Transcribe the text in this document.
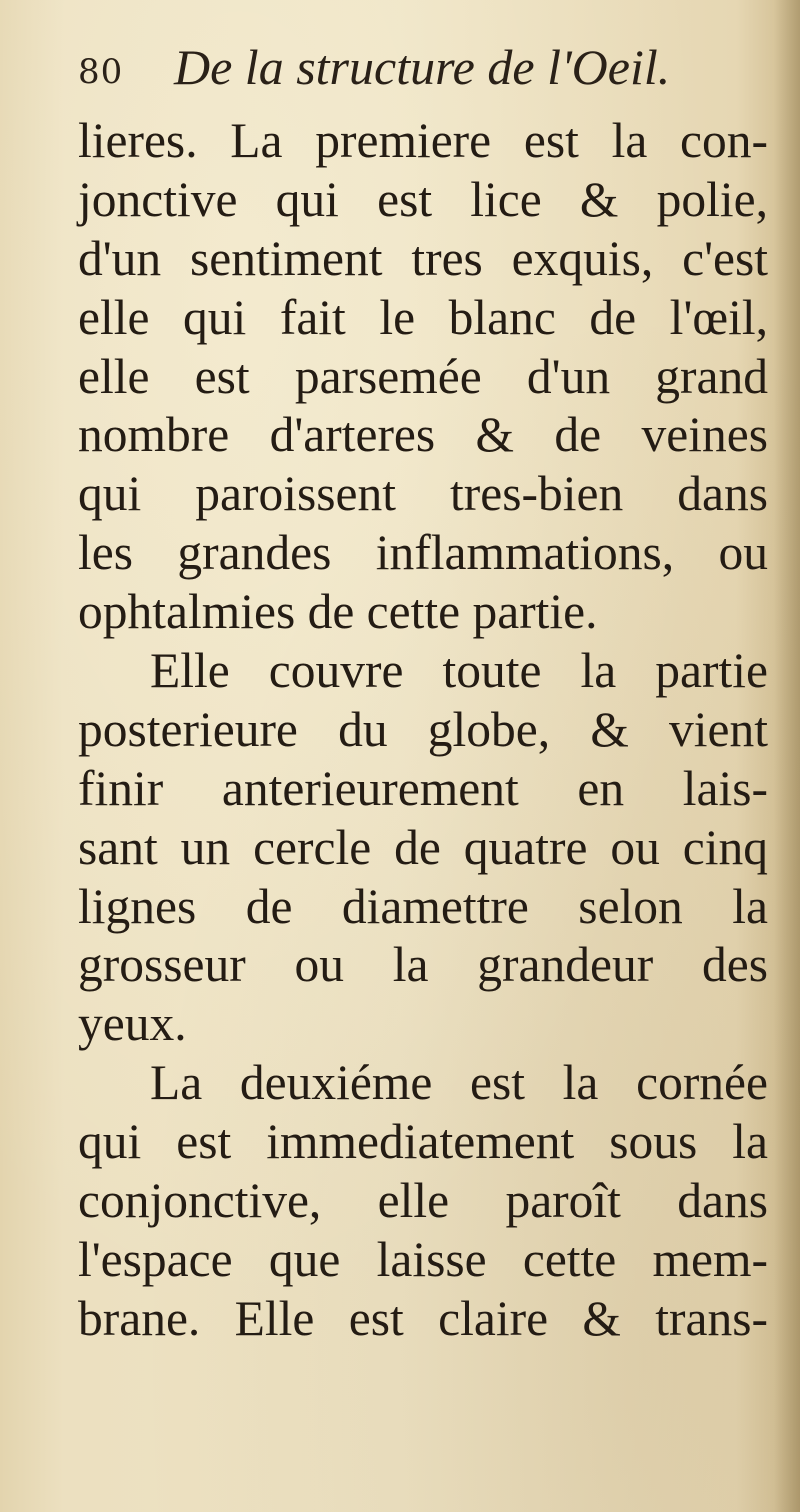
80 De la structure de l'Oeil.
lieres. La premiere est la con-
jonctive qui est lice & polie,
d'un sentiment tres exquis, c'est
elle qui fait le blanc de l'œil,
elle est parsemée d'un grand
nombre d'arteres & de veines
qui paroissent tres-bien dans
les grandes inflammations, ou
ophtalmies de cette partie.
Elle couvre toute la partie
posterieure du globe, & vient
finir anterieurement en lais-
sant un cercle de quatre ou cinq
lignes de diamettre selon la
grosseur ou la grandeur des
yeux.
La deuxiéme est la cornée
qui est immediatement sous la
conjonctive, elle paroît dans
l'espace que laisse cette mem-
brane. Elle est claire & trans-
